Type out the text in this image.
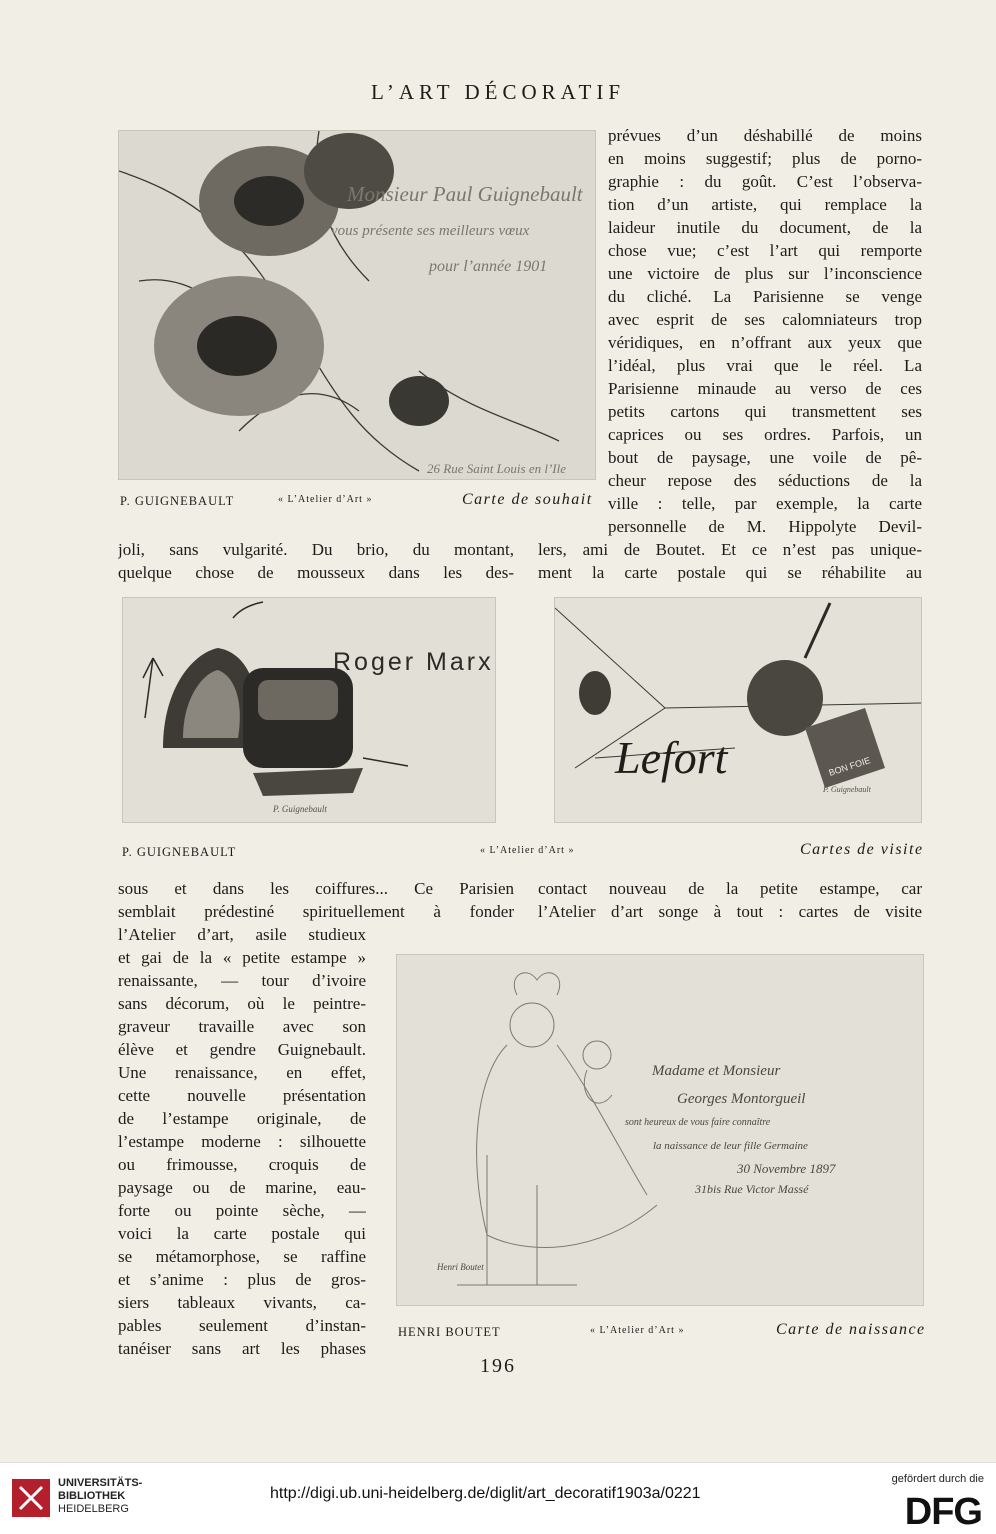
L’ART DÉCORATIF
Monsieur Paul Guignebault
vous présente ses meilleurs vœux
pour l’année 1901
26 Rue Saint Louis en l’Ile
P. GUIGNEBAULT	« L’Atelier d’Art »	Carte de souhait
prévues d’un déshabillé de moins
en moins suggestif; plus de porno-
graphie : du goût. C’est l’observa-
tion d’un artiste, qui remplace la
laideur inutile du document, de la
chose vue; c’est l’art qui remporte
une victoire de plus sur l’inconscience
du cliché. La Parisienne se venge
avec esprit de ses calomniateurs trop
véridiques, en n’offrant aux yeux que
l’idéal, plus vrai que le réel. La
Parisienne minaude au verso de ces
petits cartons qui transmettent ses
caprices ou ses ordres. Parfois, un
bout de paysage, une voile de pê-
cheur repose des séductions de la
ville : telle, par exemple, la carte
personnelle de M. Hippolyte Devil-
lers, ami de Boutet. Et ce n’est pas unique-
ment la carte postale qui se réhabilite au
joli, sans vulgarité. Du brio, du montant,
quelque chose de mousseux dans les des-
Roger Marx
P. Guignebault
BON FOIE
Lefort
P. Guignebault
P. GUIGNEBAULT	« L’Atelier d’Art »	Cartes de visite
sous et dans les coiffures... Ce Parisien
semblait prédestiné spirituellement à fonder
l’Atelier d’art, asile studieux
et gai de la « petite estampe »
renaissante, — tour d’ivoire
sans décorum, où le peintre-
graveur travaille avec son
élève et gendre Guignebault.
Une renaissance, en effet,
cette nouvelle présentation
de l’estampe originale, de
l’estampe moderne : silhouette
ou frimousse, croquis de
paysage ou de marine, eau-
forte ou pointe sèche, —
voici la carte postale qui
se métamorphose, se raffine
et s’anime : plus de gros-
siers tableaux vivants, ca-
pables seulement d’instan-
tanéiser sans art les phases
contact nouveau de la petite estampe, car
l’Atelier d’art songe à tout : cartes de visite
Madame et Monsieur
Georges Montorgueil
sont heureux de vous faire connaître
la naissance de leur fille Germaine
30 Novembre 1897
31bis Rue Victor Massé
Henri Boutet
HENRI BOUTET	« L’Atelier d’Art »	Carte de naissance
196
UNIVERSITÄTS-
BIBLIOTHEK
HEIDELBERG
http://digi.ub.uni-heidelberg.de/diglit/art_decoratif1903a/0221
gefördert durch die
DFG
